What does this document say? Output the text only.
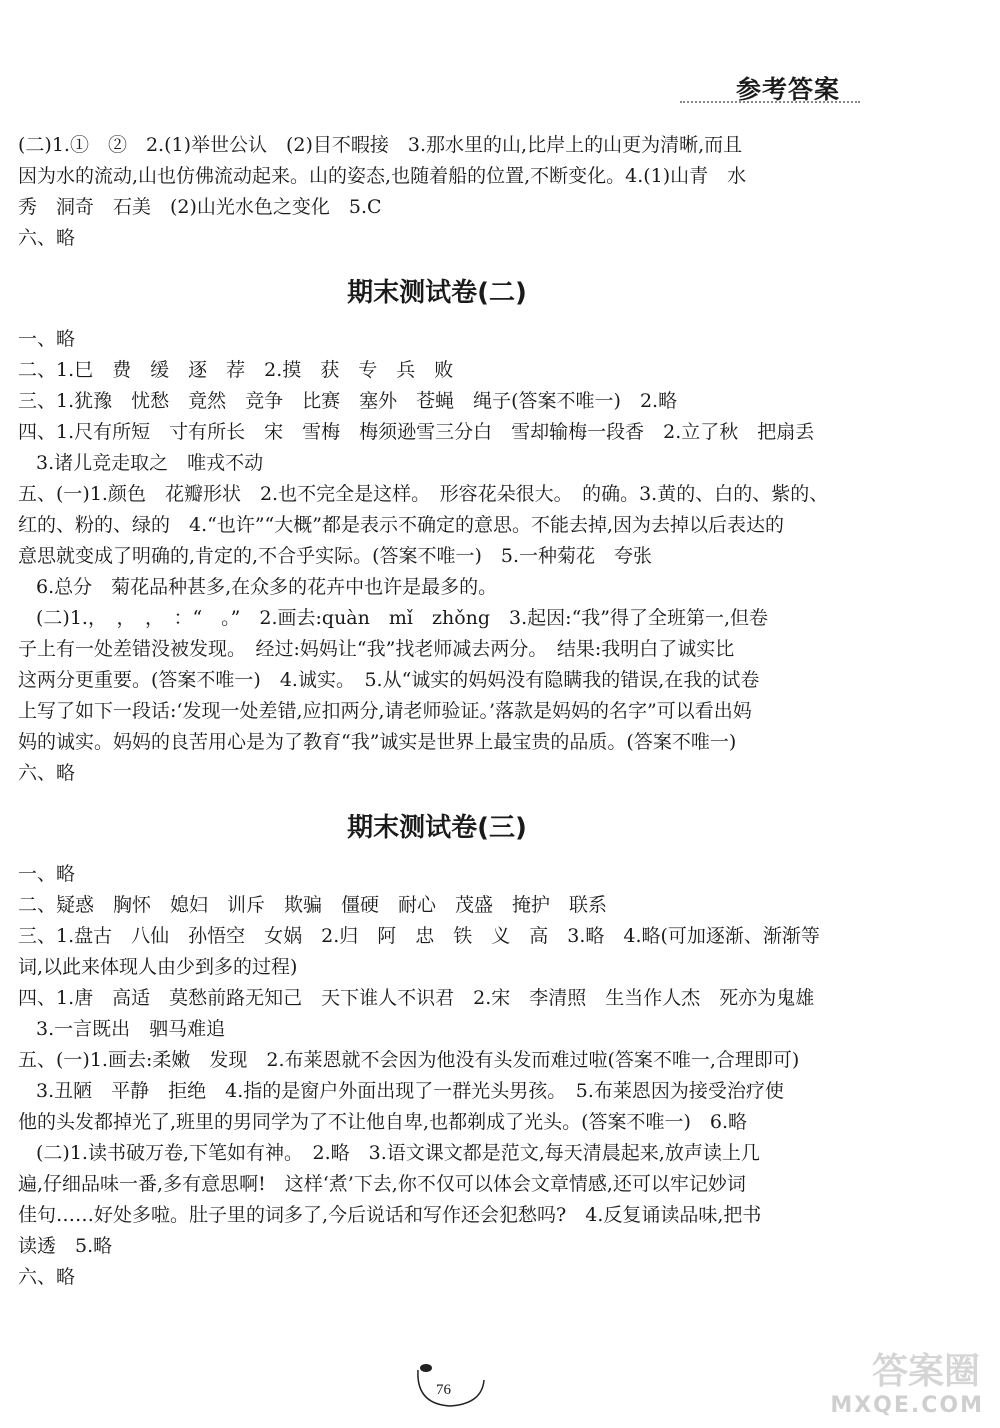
参考答案
(二)1.①　②　2.(1)举世公认　(2)目不暇接　3.那水里的山,比岸上的山更为清晰,而且
因为水的流动,山也仿佛流动起来。山的姿态,也随着船的位置,不断变化。4.(1)山青　水
秀　洞奇　石美　(2)山光水色之变化　5.C
六、略
期末测试卷(二)
一、略
二、1.巳　费　缓　逐　荐　2.摸　获　专　兵　败
三、1.犹豫　忧愁　竟然　竞争　比赛　塞外　苍蝇　绳子(答案不唯一)　2.略
四、1.尺有所短　寸有所长　宋　雪梅　梅须逊雪三分白　雪却输梅一段香　2.立了秋　把扇丢
3.诸儿竞走取之　唯戎不动
五、(一)1.颜色　花瓣形状　2.也不完全是这样。　形容花朵很大。　的确。3.黄的、白的、紫的、
红的、粉的、绿的　4.“也许”“大概”都是表示不确定的意思。不能去掉,因为去掉以后表达的
意思就变成了明确的,肯定的,不合乎实际。(答案不唯一)　5.一种菊花　夸张
6.总分　菊花品种甚多,在众多的花卉中也许是最多的。
(二)1.，　，　，　：“　。”　2.画去:quàn　mǐ　zhǒng　3.起因:“我”得了全班第一,但卷
子上有一处差错没被发现。　经过:妈妈让“我”找老师减去两分。　结果:我明白了诚实比
这两分更重要。(答案不唯一)　4.诚实。　5.从“诚实的妈妈没有隐瞒我的错误,在我的试卷
上写了如下一段话:‘发现一处差错,应扣两分,请老师验证。’落款是妈妈的名字”可以看出妈
妈的诚实。妈妈的良苦用心是为了教育“我”诚实是世界上最宝贵的品质。(答案不唯一)
六、略
期末测试卷(三)
一、略
二、疑惑　胸怀　媳妇　训斥　欺骗　僵硬　耐心　茂盛　掩护　联系
三、1.盘古　八仙　孙悟空　女娲　2.归　阿　忠　铁　义　高　3.略　4.略(可加逐渐、渐渐等
词,以此来体现人由少到多的过程)
四、1.唐　高适　莫愁前路无知己　天下谁人不识君　2.宋　李清照　生当作人杰　死亦为鬼雄
3.一言既出　驷马难追
五、(一)1.画去:柔嫩　发现　2.布莱恩就不会因为他没有头发而难过啦(答案不唯一,合理即可)
3.丑陋　平静　拒绝　4.指的是窗户外面出现了一群光头男孩。　5.布莱恩因为接受治疗使
他的头发都掉光了,班里的男同学为了不让他自卑,也都剃成了光头。(答案不唯一)　6.略
(二)1.读书破万卷,下笔如有神。　2.略　3.语文课文都是范文,每天清晨起来,放声读上几
遍,仔细品味一番,多有意思啊!　这样‘煮’下去,你不仅可以体会文章情感,还可以牢记妙词
佳句……好处多啦。肚子里的词多了,今后说话和写作还会犯愁吗?　4.反复诵读品味,把书
读透　5.略
六、略
76	答案圈
MXQE.COM
